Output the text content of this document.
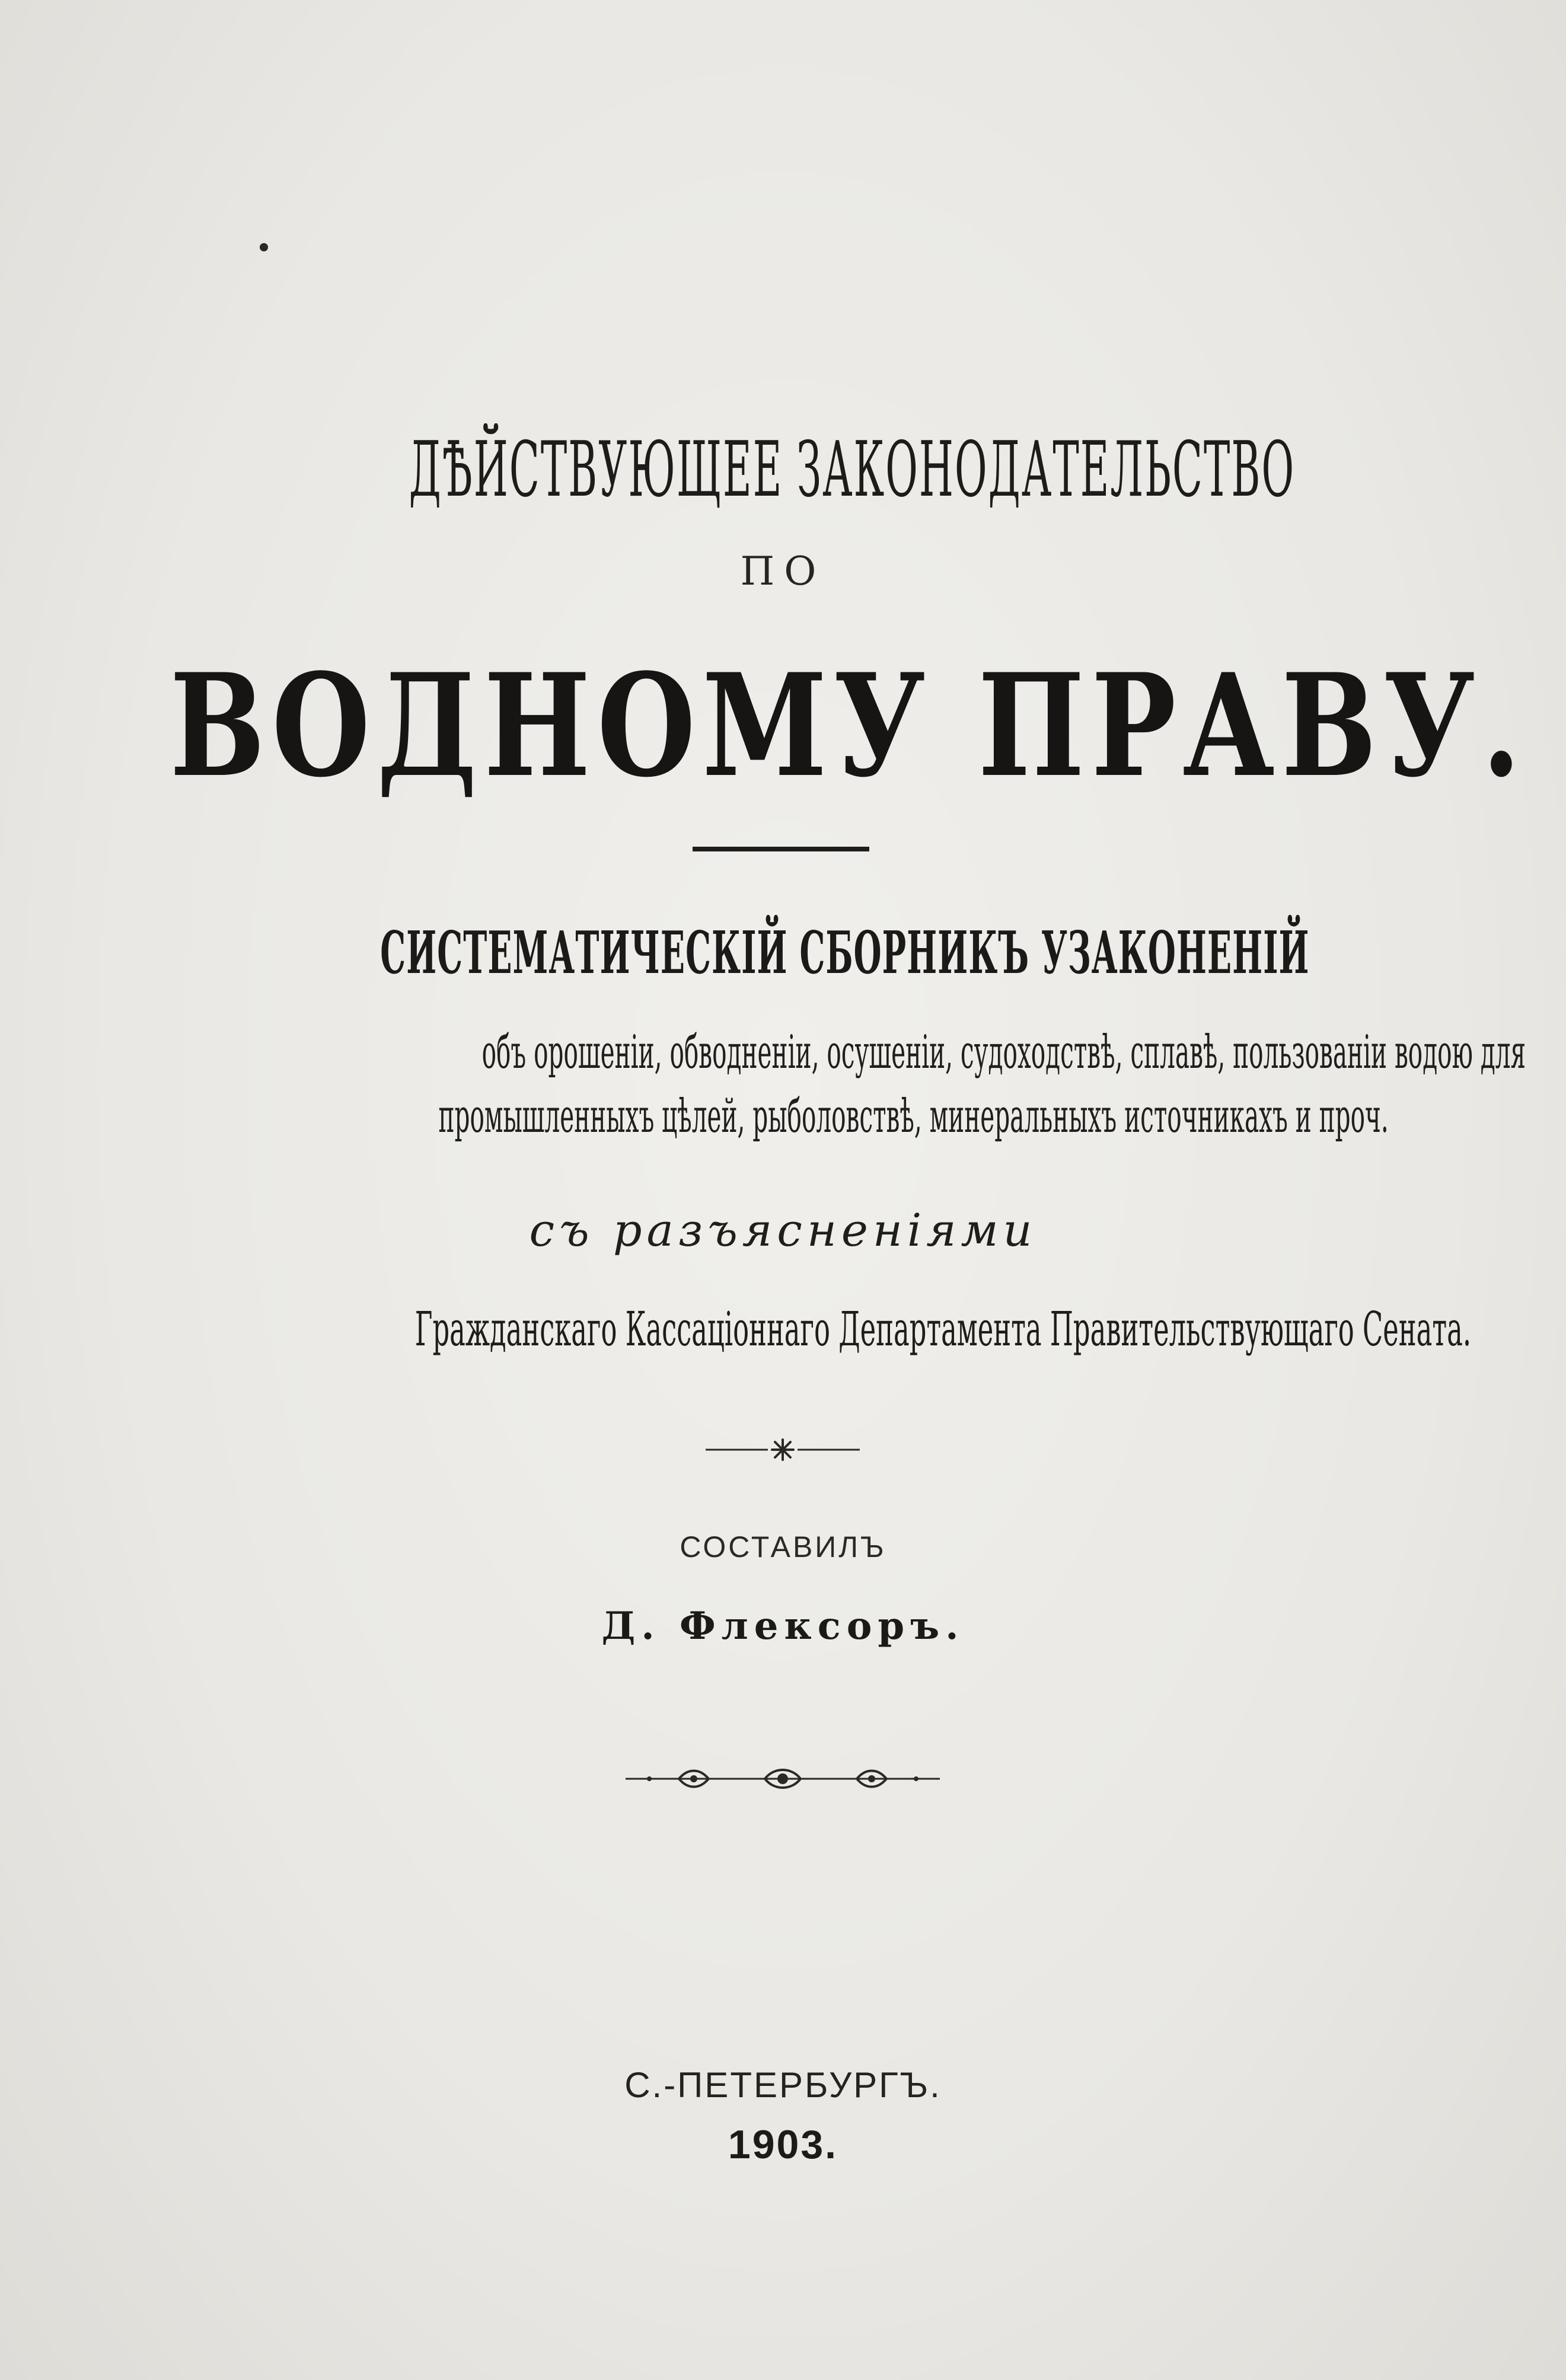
ДѢЙСТВУЮЩЕЕ ЗАКОНОДАТЕЛЬСТВО
ПО
ВОДНОМУ ПРАВУ.
СИСТЕМАТИЧЕСКІЙ СБОРНИКЪ УЗАКОНЕНІЙ
объ орошеніи, обводненіи, осушеніи, судоходствѣ, сплавѣ, пользованіи водою для
промышленныхъ цѣлей, рыболовствѣ, минеральныхъ источникахъ и проч.
съ разъясненіями
Гражданскаго Кассаціоннаго Департамента Правительствующаго Сената.
СОСТАВИЛЪ
Д. Флексоръ.
С.-ПЕТЕРБУРГЪ.
1903.
